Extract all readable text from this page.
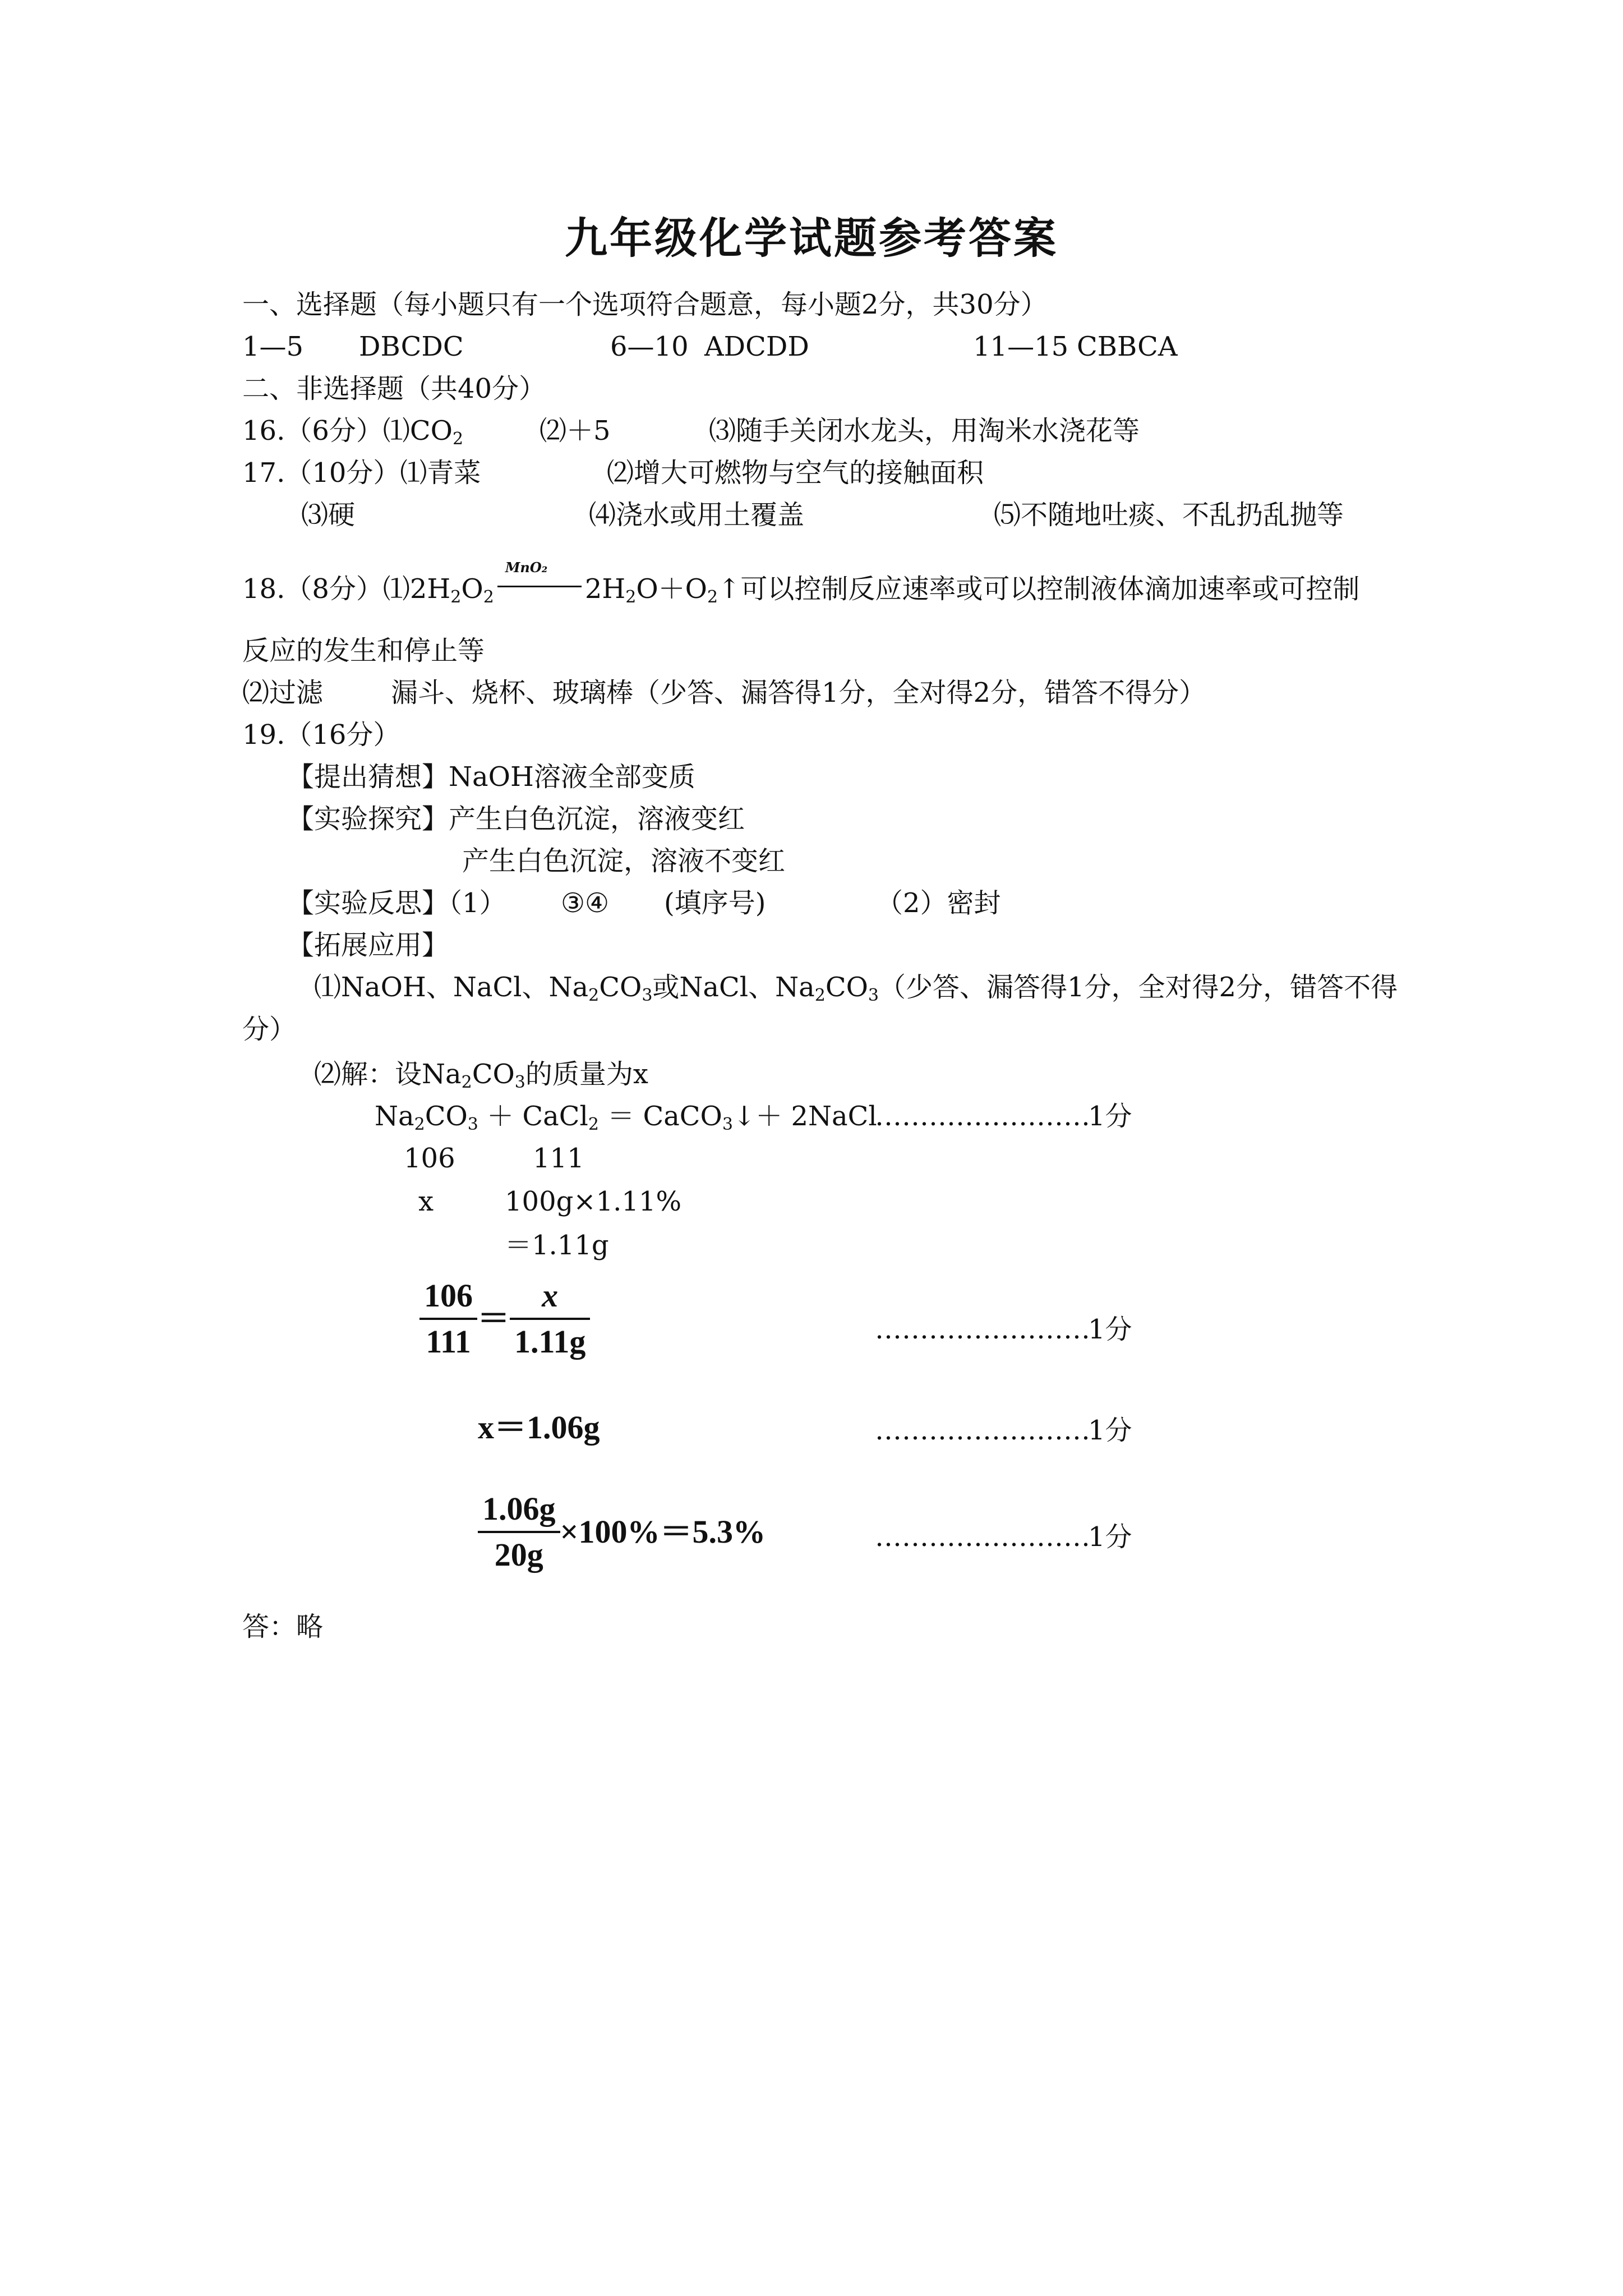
九年级化学试题参考答案
一、选择题（每小题只有一个选项符合题意，每小题2分，共30分）
1—5 DBCDC	6—10 ADCDD	11—15 CBBCA
二、非选择题（共40分）
16.（6分）$⑴CO_2$	⑵＋5	⑶随手关闭水龙头，用淘米水浇花等
17.（10分）⑴青菜	⑵增大可燃物与空气的接触面积
⑶硬	⑷浇水或用土覆盖	⑸不随地吐痰、不乱扔乱抛等
18.（8分）$⑴2H_2O_2$
MnO₂
$2H_2O+O_2↑$可以控制反应速率或可以控制液体滴加速率或可控制
反应的发生和停止等
⑵过滤	漏斗、烧杯、玻璃棒（少答、漏答得1分，全对得2分，错答不得分）
19.（16分）
【提出猜想】NaOH溶液全部变质
【实验探究】产生白色沉淀，溶液变红
产生白色沉淀，溶液不变红
【实验反思】（1） ③④ (填序号)	（2）密封
【拓展应用】
⑴NaOH、NaCl、$Na_2CO_3$或NaCl、$Na_2CO_3$（少答、漏答得1分，全对得2分，错答不得
分）
⑵解：设$Na_2CO_3$的质量为x
$Na_2CO_3$ ＋ CaCl$_2$ ＝ CaCO$_3$↓＋ 2NaCl
……………………
1分
106	111
x	100g×1.11%
＝1.11g
$\frac{106}{111} = \frac{x}{1.11g}$	……………………
1分
x＝1.06g	……………………
1分
$\frac{1.06g}{20g} \times 100\%=5.3\%$	……………………
1分
答：略
